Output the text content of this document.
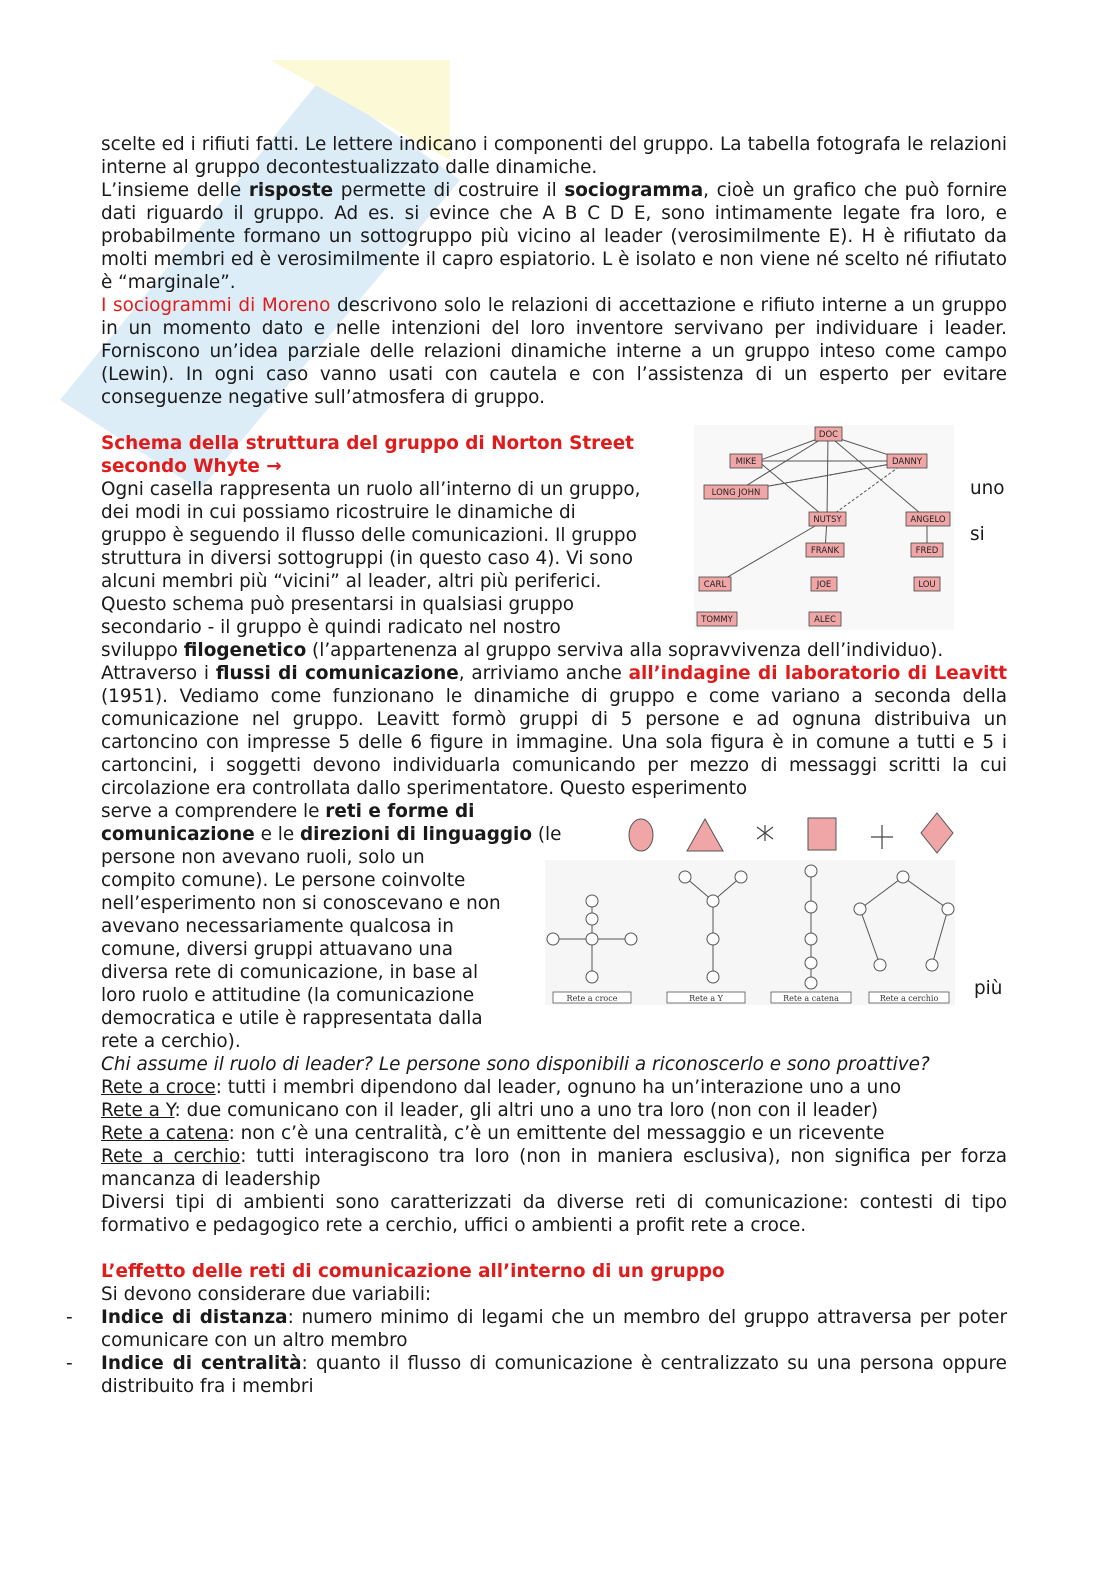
scelte ed i rifiuti fatti. Le lettere indicano i componenti del gruppo. La tabella fotografa le relazioni interne al gruppo decontestualizzato dalle dinamiche.

L’insieme delle risposte permette di costruire il sociogramma, cioè un grafico che può fornire dati riguardo il gruppo. Ad es. si evince che A B C D E, sono intimamente legate fra loro, e probabilmente formano un sottogruppo più vicino al leader (verosimilmente E). H è rifiutato da molti membri ed è verosimilmente il capro espiatorio. L è isolato e non viene né scelto né rifiutato è “marginale”.

I sociogrammi di Moreno descrivono solo le relazioni di accettazione e rifiuto interne a un gruppo in un momento dato e nelle intenzioni del loro inventore servivano per individuare i leader. Forniscono un’idea parziale delle relazioni dinamiche interne a un gruppo inteso come campo (Lewin). In ogni caso vanno usati con cautela e con l’assistenza di un esperto per evitare conseguenze negative sull’atmosfera di gruppo.

Schema della struttura del gruppo di Norton Street

secondo Whyte →

Ogni casella rappresenta un ruolo all’interno di un gruppo,

dei modi in cui possiamo ricostruire le dinamiche di

gruppo è seguendo il flusso delle comunicazioni. Il gruppo

struttura in diversi sottogruppi (in questo caso 4). Vi sono

alcuni membri più “vicini” al leader, altri più periferici.

Questo schema può presentarsi in qualsiasi gruppo

secondario - il gruppo è quindi radicato nel nostro

uno
si

sviluppo filogenetico (l’appartenenza al gruppo serviva alla sopravvivenza dell’individuo).

Attraverso i flussi di comunicazione, arriviamo anche all’indagine di laboratorio di Leavitt (1951). Vediamo come funzionano le dinamiche di gruppo e come variano a seconda della comunicazione nel gruppo. Leavitt formò gruppi di 5 persone e ad ognuna distribuiva un cartoncino con impresse 5 delle 6 figure in immagine. Una sola figura è in comune a tutti e 5 i cartoncini, i soggetti devono individuarla comunicando per mezzo di messaggi scritti la cui circolazione era controllata dallo sperimentatore. Questo esperimento

serve a comprendere le reti e forme di

comunicazione e le direzioni di linguaggio (le

persone non avevano ruoli, solo un

compito comune). Le persone coinvolte

nell’esperimento non si conoscevano e non

avevano necessariamente qualcosa in

comune, diversi gruppi attuavano una

diversa rete di comunicazione, in base al

loro ruolo e attitudine (la comunicazione

democratica e utile è rappresentata dalla

rete a cerchio).

più

Chi assume il ruolo di leader? Le persone sono disponibili a riconoscerlo e sono proattive?

Rete a croce: tutti i membri dipendono dal leader, ognuno ha un’interazione uno a uno

Rete a Y: due comunicano con il leader, gli altri uno a uno tra loro (non con il leader)

Rete a catena: non c’è una centralità, c’è un emittente del messaggio e un ricevente

Rete a cerchio: tutti interagiscono tra loro (non in maniera esclusiva), non significa per forza mancanza di leadership

Diversi tipi di ambienti sono caratterizzati da diverse reti di comunicazione: contesti di tipo formativo e pedagogico rete a cerchio, uffici o ambienti a profit rete a croce.

L’effetto delle reti di comunicazione all’interno di un gruppo

Si devono considerare due variabili:

- Indice di distanza: numero minimo di legami che un membro del gruppo attraversa per poter comunicare con un altro membro
- Indice di centralità: quanto il flusso di comunicazione è centralizzato su una persona oppure distribuito fra i membri
DOC
MIKE	DANNY
LONG JOHN
NUTSY	ANGELO
FRANK	FRED
CARL	JOE	LOU
TOMMY	ALEC
Rete a croce	Rete a Y	Rete a catena	Rete a cerchio
